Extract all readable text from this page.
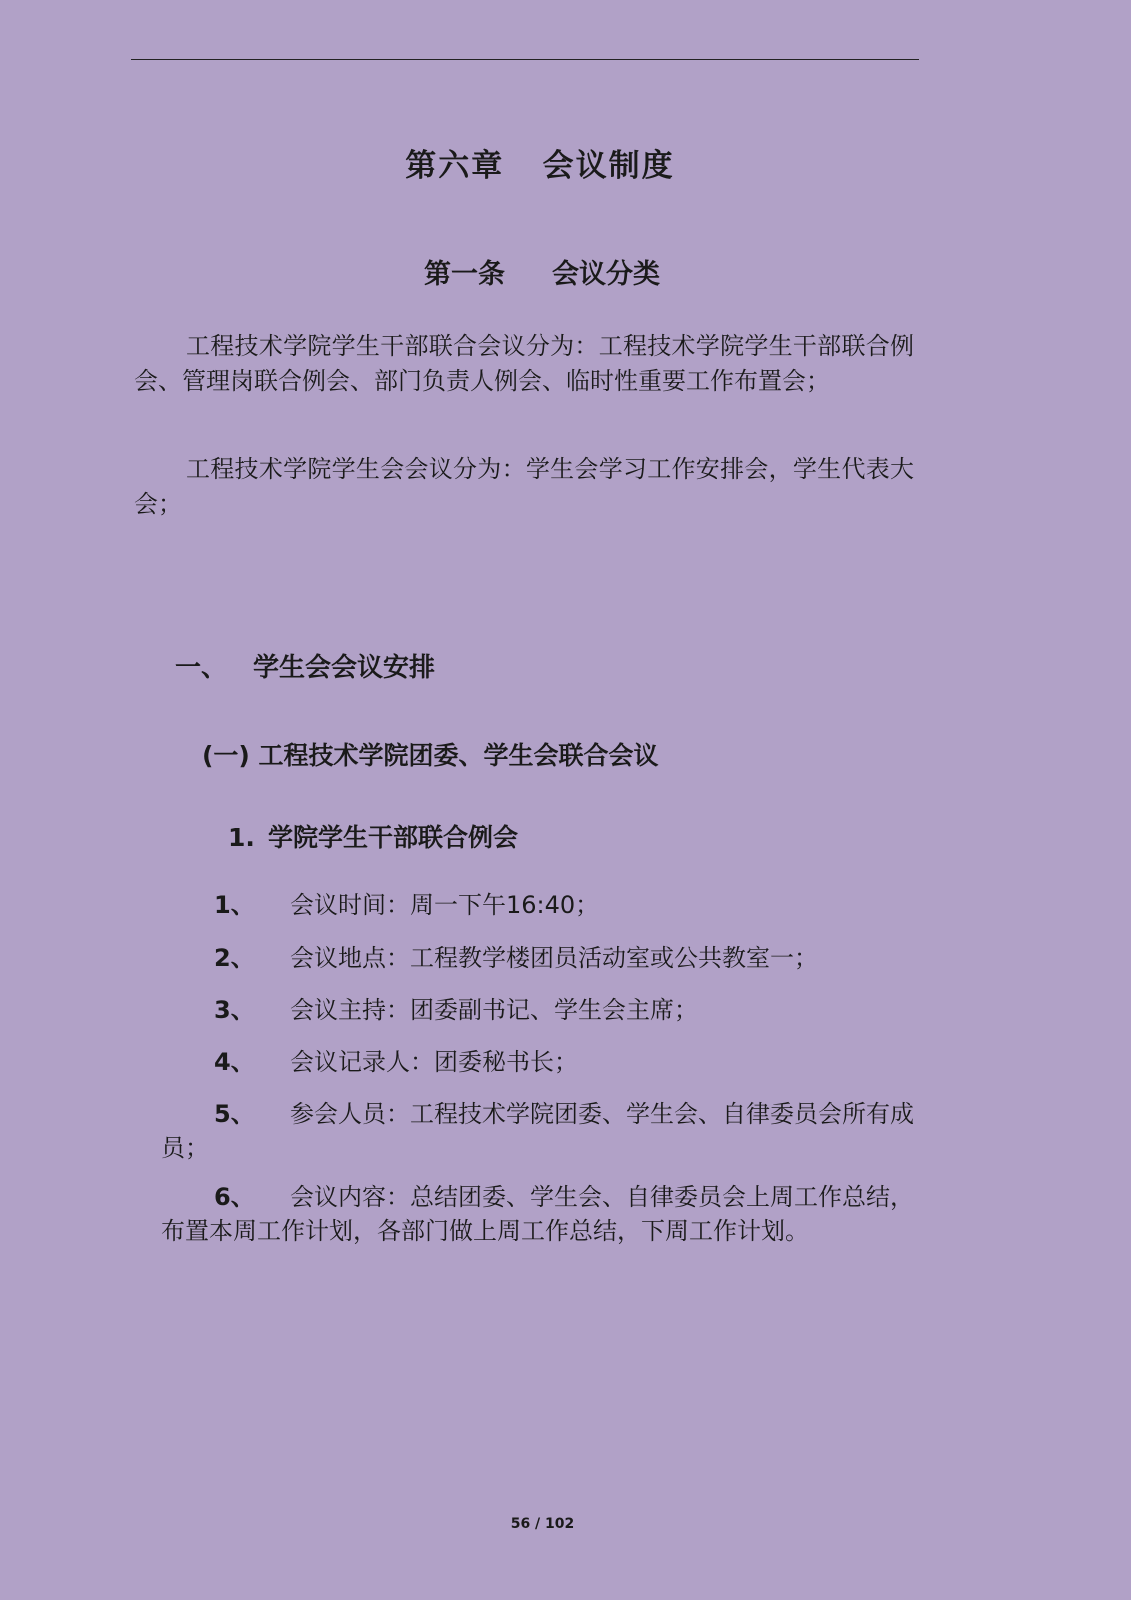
第六章   会议制度
第一条     会议分类
工程技术学院学生干部联合会议分为：工程技术学院学生干部联合例会、管理岗联合例会、部门负责人例会、临时性重要工作布置会；
工程技术学院学生会会议分为：学生会学习工作安排会，学生代表大会；
一、 学生会会议安排
(一) 工程技术学院团委、学生会联合会议
1. 学院学生干部联合例会
1、 会议时间：周一下午16:40；
2、 会议地点：工程教学楼团员活动室或公共教室一；
3、 会议主持：团委副书记、学生会主席；
4、 会议记录人：团委秘书长；
5、 参会人员：工程技术学院团委、学生会、自律委员会所有成员；
6、 会议内容：总结团委、学生会、自律委员会上周工作总结，布置本周工作计划，各部门做上周工作总结，下周工作计划。
56 / 102
